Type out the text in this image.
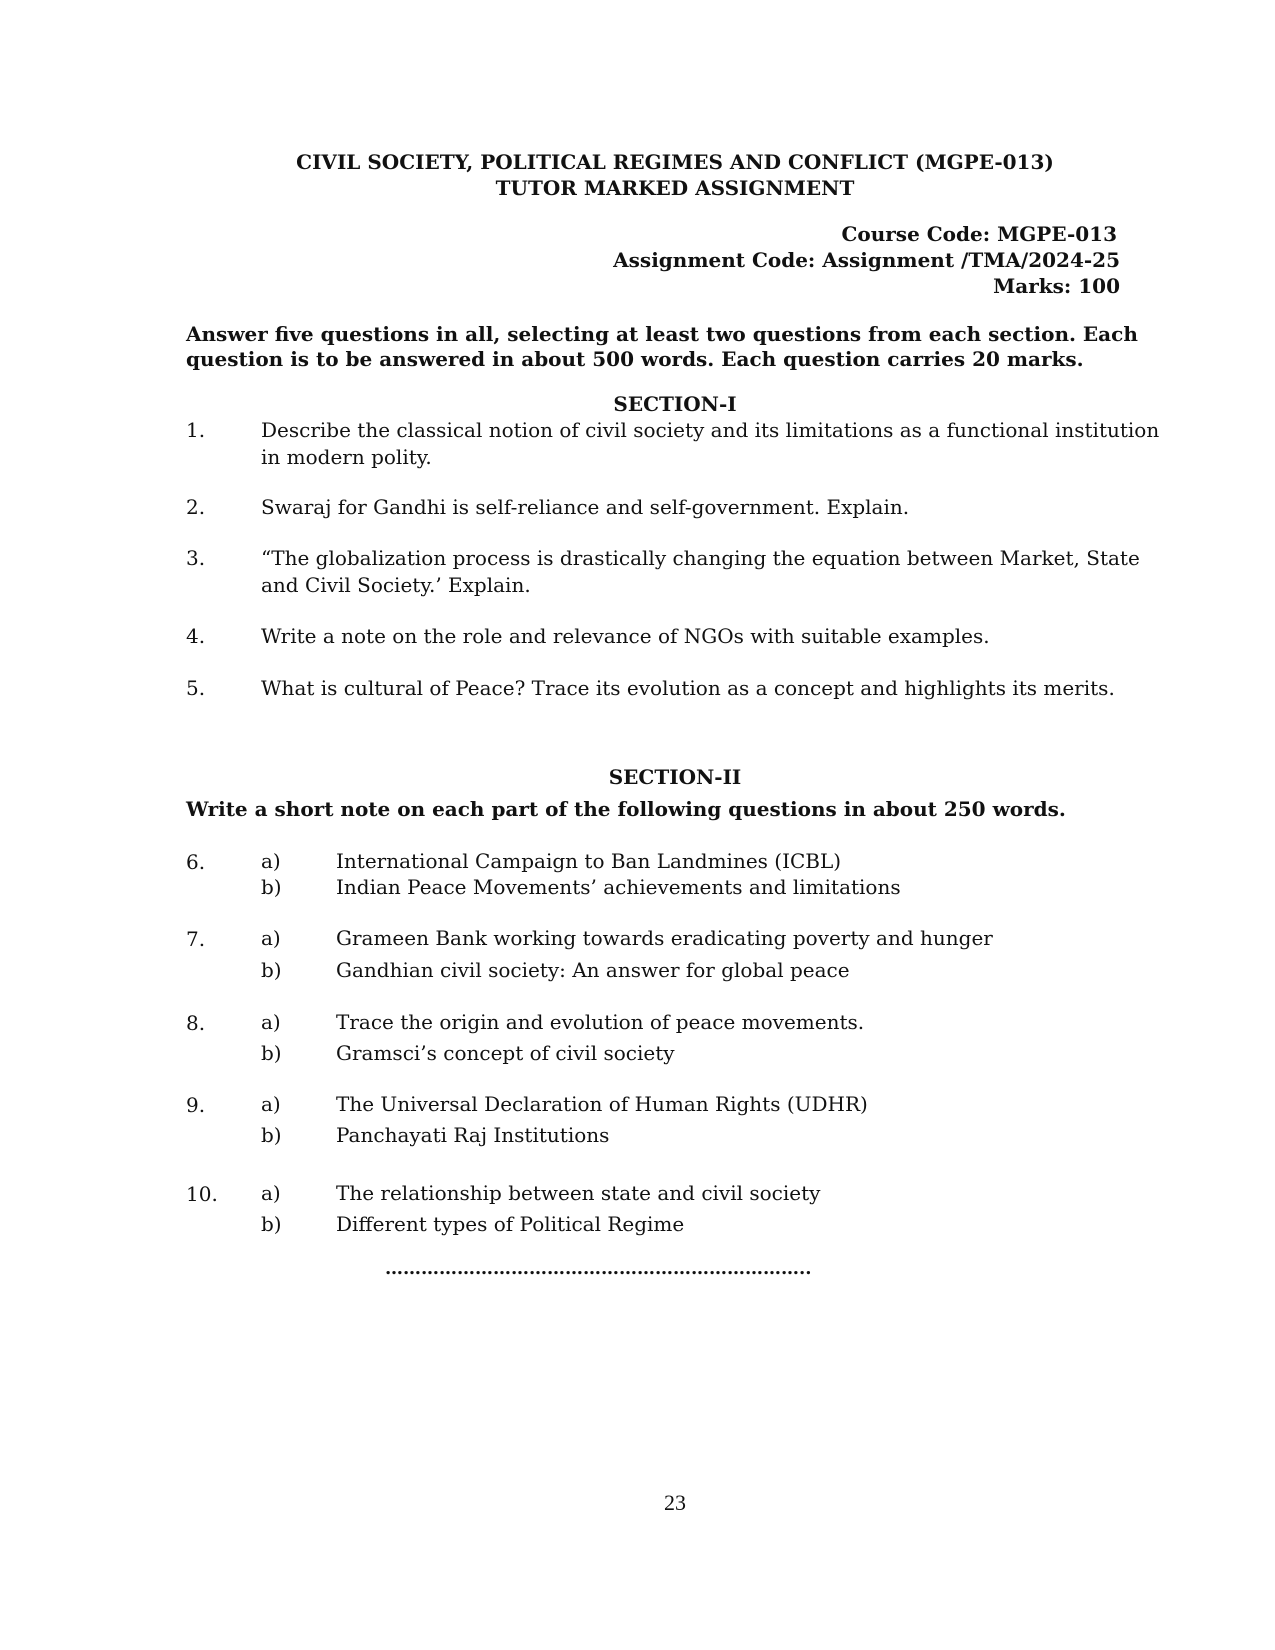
CIVIL SOCIETY, POLITICAL REGIMES AND CONFLICT (MGPE-013)
TUTOR MARKED ASSIGNMENT
Course Code: MGPE-013
Assignment Code: Assignment /TMA/2024-25
Marks: 100
Answer five questions in all, selecting at least two questions from each section. Each question is to be answered in about 500 words. Each question carries 20 marks.
SECTION-I
1.	Describe the classical notion of civil society and its limitations as a functional institution in modern polity.
2.	Swaraj for Gandhi is self-reliance and self-government. Explain.
3.	“The globalization process is drastically changing the equation between Market, State and Civil Society.’ Explain.
4.	Write a note on the role and relevance of NGOs with suitable examples.
5.	What is cultural of Peace? Trace its evolution as a concept and highlights its merits.
SECTION-II
Write a short note on each part of the following questions in about 250 words.
6.	a)	International Campaign to Ban Landmines (ICBL)
b)	Indian Peace Movements’ achievements and limitations
7.	a)	Grameen Bank working towards eradicating poverty and hunger
b)	Gandhian civil society: An answer for global peace
8.	a)	Trace the origin and evolution of peace movements.
b)	Gramsci’s concept of civil society
9.	a)	The Universal Declaration of Human Rights (UDHR)
b)	Panchayati Raj Institutions
10. a)	The relationship between state and civil society
b)	Different types of Political Regime
……………………………………………………………..
23
